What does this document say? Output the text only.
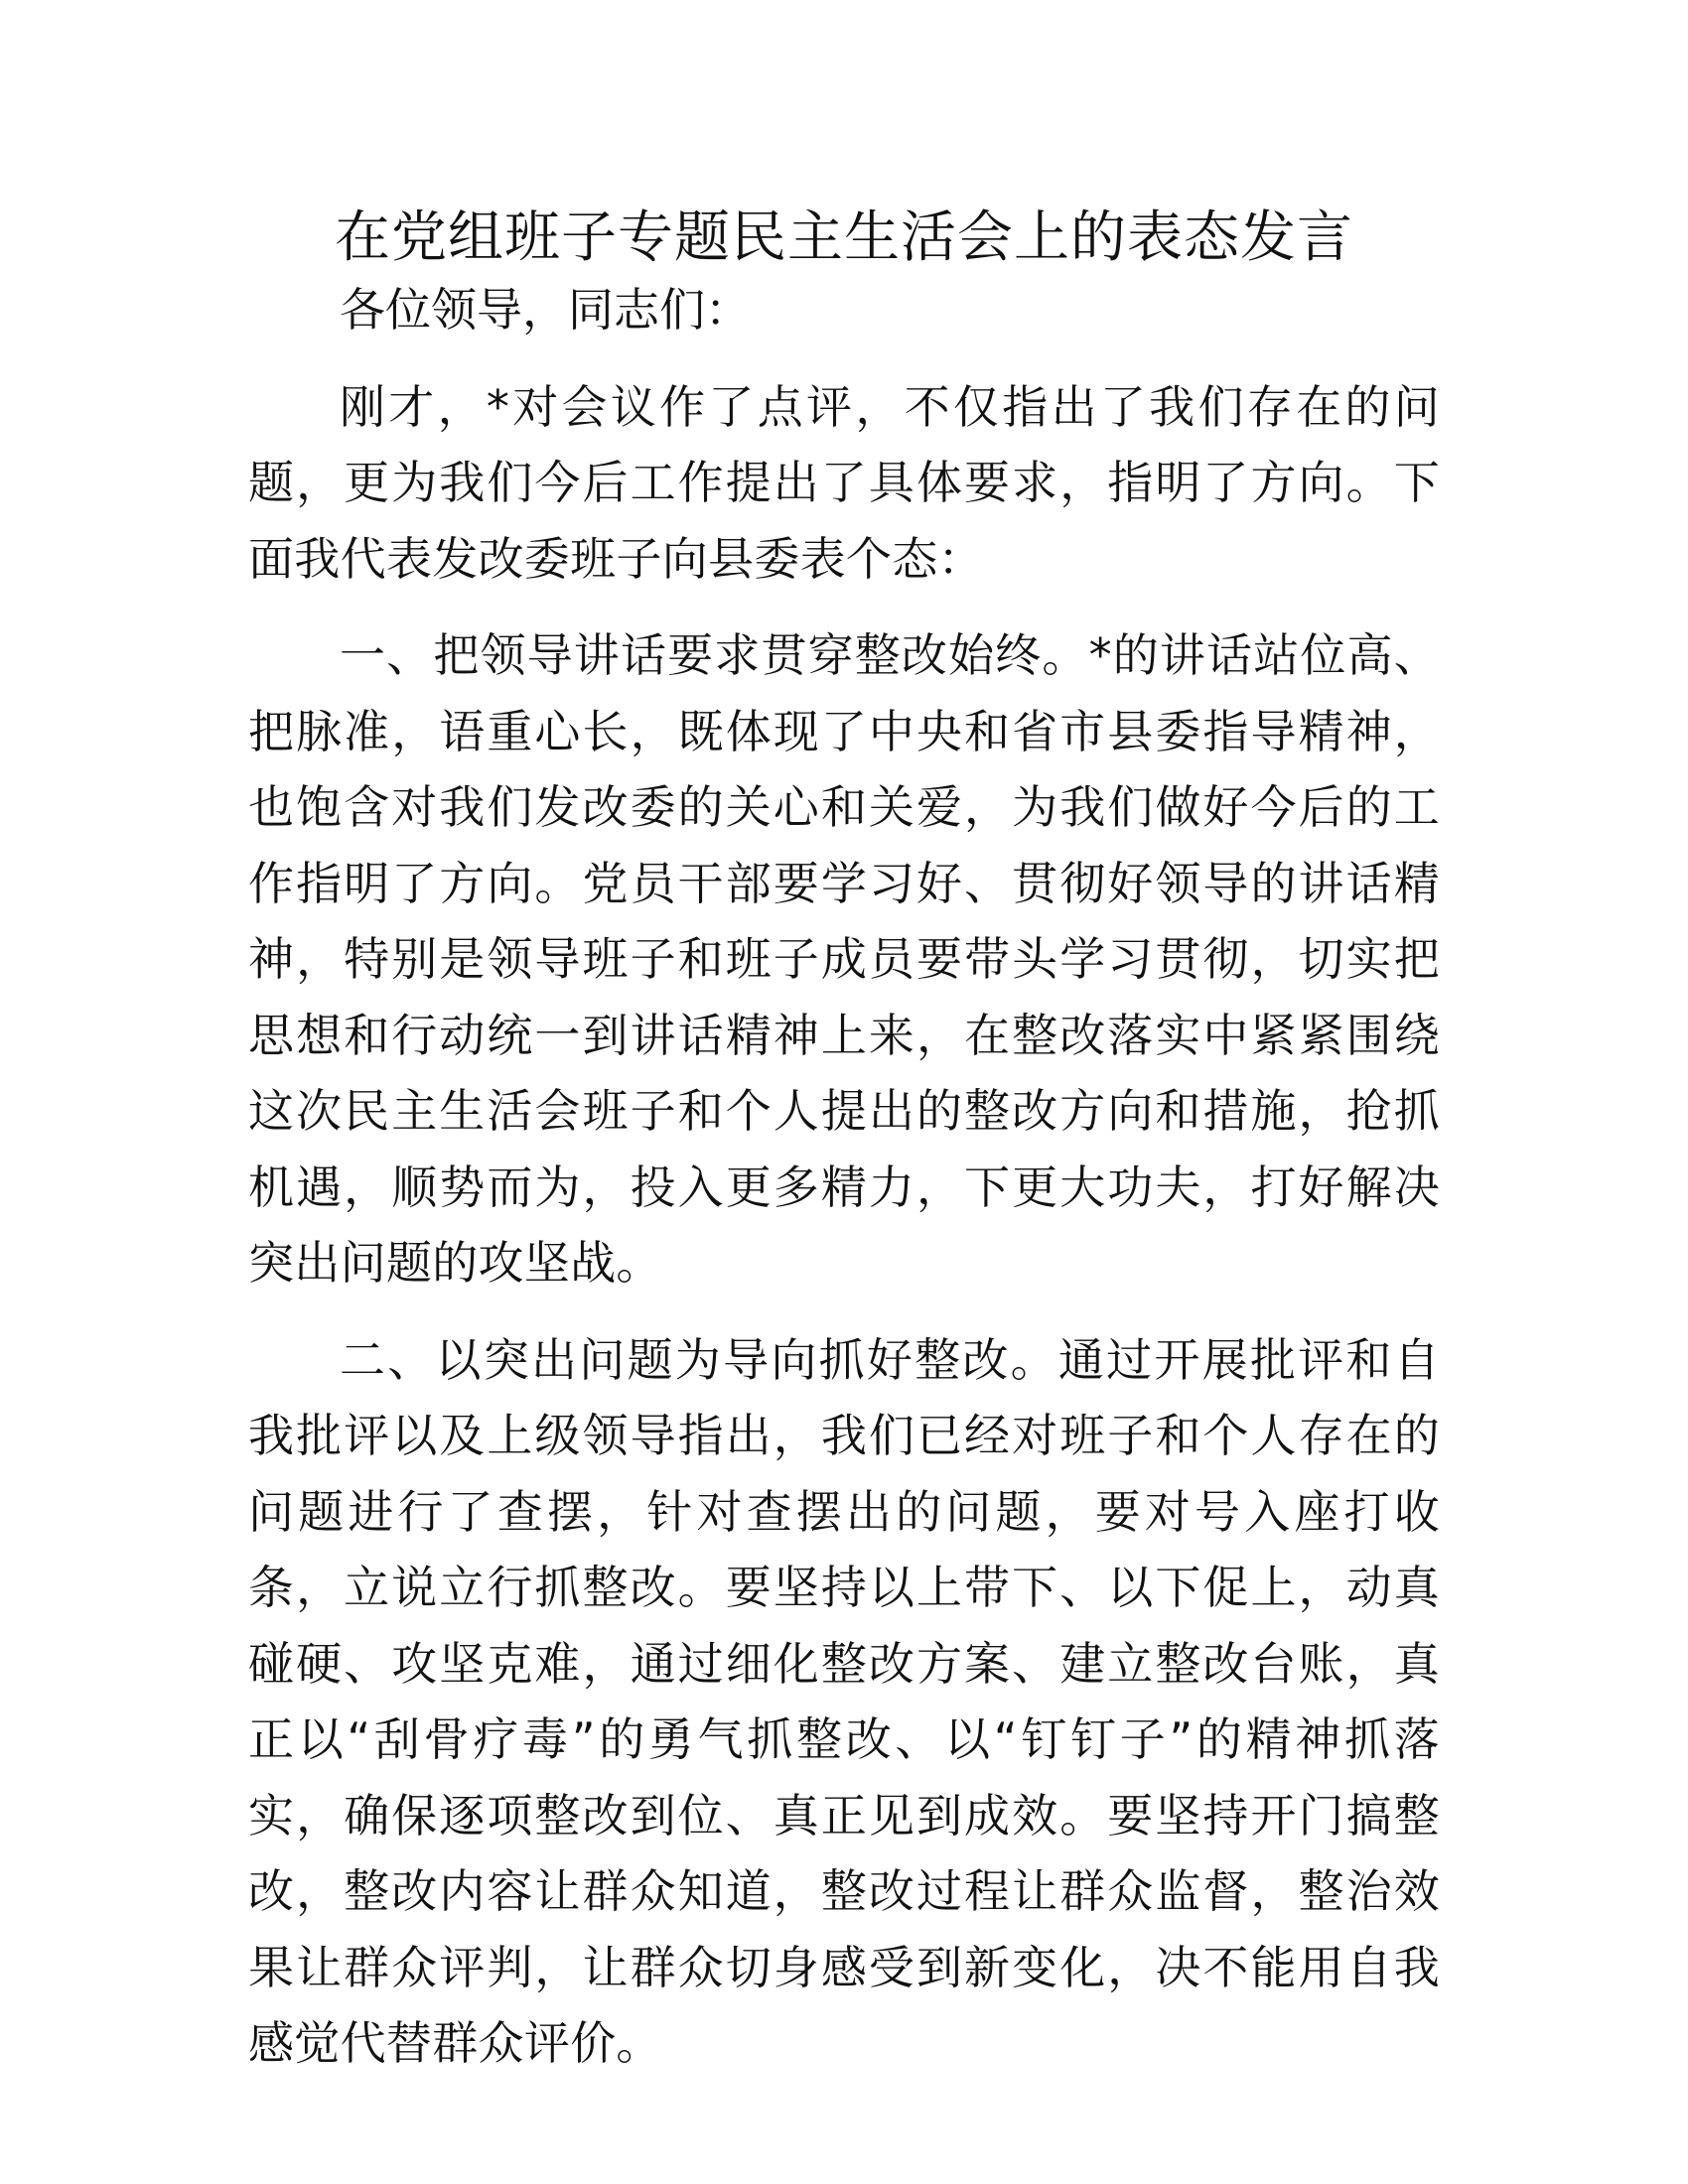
在党组班子专题民主生活会上的表态发言

各位领导，同志们：

刚才，*对会议作了点评，不仅指出了我们存在的问题，更为我们今后工作提出了具体要求，指明了方向。下面我代表发改委班子向县委表个态：

一、把领导讲话要求贯穿整改始终。*的讲话站位高、把脉准，语重心长，既体现了中央和省市县委指导精神，也饱含对我们发改委的关心和关爱，为我们做好今后的工作指明了方向。党员干部要学习好、贯彻好领导的讲话精神，特别是领导班子和班子成员要带头学习贯彻，切实把思想和行动统一到讲话精神上来，在整改落实中紧紧围绕这次民主生活会班子和个人提出的整改方向和措施，抢抓机遇，顺势而为，投入更多精力，下更大功夫，打好解决突出问题的攻坚战。

二、以突出问题为导向抓好整改。通过开展批评和自我批评以及上级领导指出，我们已经对班子和个人存在的问题进行了查摆，针对查摆出的问题，要对号入座打收条，立说立行抓整改。要坚持以上带下、以下促上，动真碰硬、攻坚克难，通过细化整改方案、建立整改台账，真正以“刮骨疗毒”的勇气抓整改、以“钉钉子”的精神抓落实，确保逐项整改到位、真正见到成效。要坚持开门搞整改，整改内容让群众知道，整改过程让群众监督，整治效果让群众评判，让群众切身感受到新变化，决不能用自我感觉代替群众评价。
